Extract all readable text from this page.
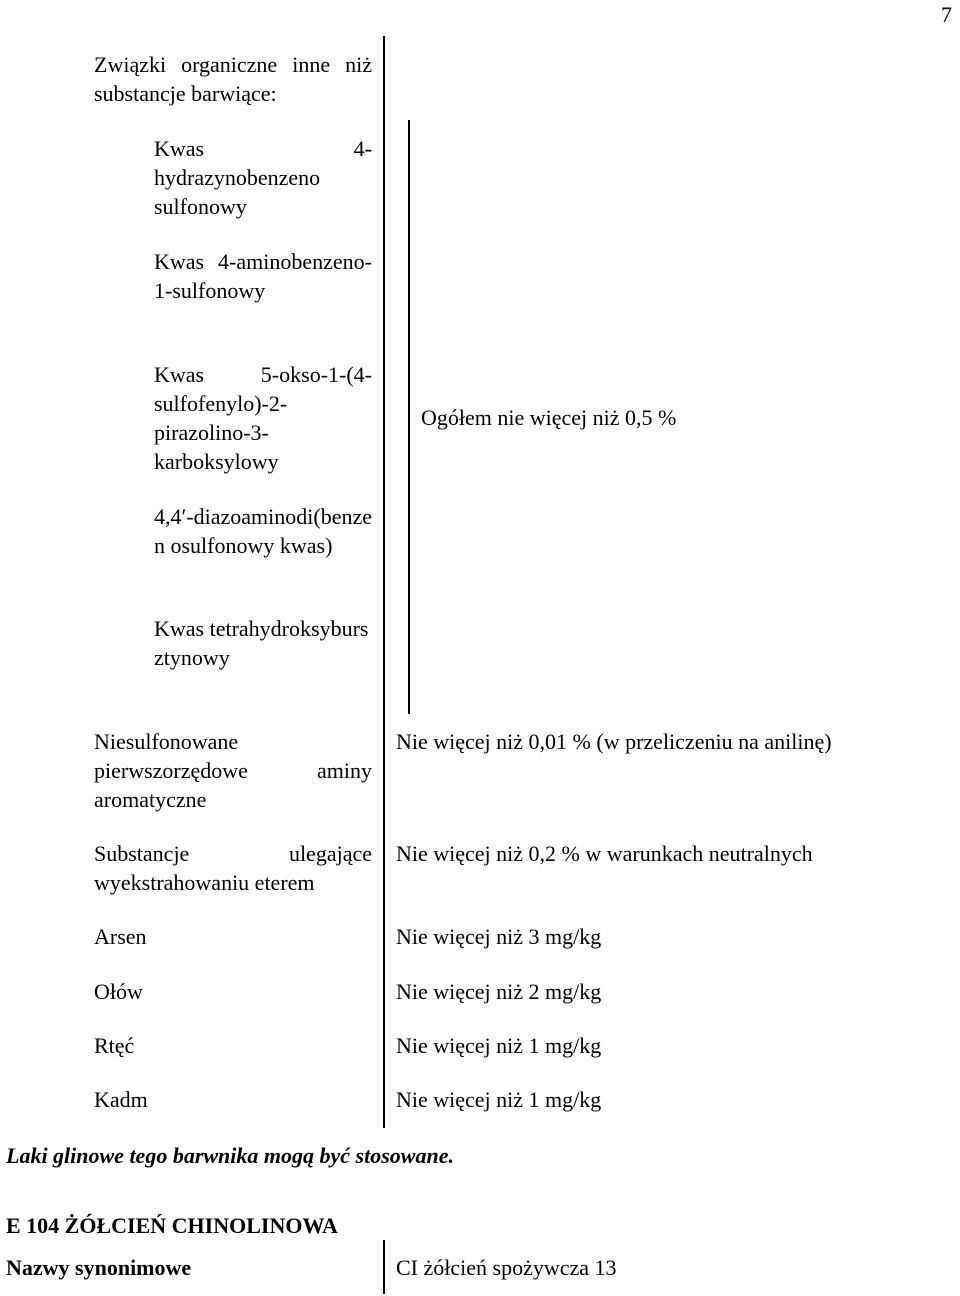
7
Związki organiczne inne niż substancje barwiące:
Kwas 4-hydrazynobenzeno sulfonowy
Kwas 4-aminobenzeno-1-sulfonowy
Kwas 5-okso-1-(4-sulfofenylo)-2-pirazolino-3-karboksylowy
4,4′-diazoaminodi(benzen osulfonowy kwas)
Kwas tetrahydroksybursztynowy
Niesulfonowane pierwszorzędowe aminy aromatyczne
Substancje ulegające wyekstrahowaniu eterem
Arsen
Ołów
Rtęć
Kadm
Ogółem nie więcej niż 0,5 %
Nie więcej niż 0,01 % (w przeliczeniu na anilinę)
Nie więcej niż 0,2 % w warunkach neutralnych
Nie więcej niż 3 mg/kg
Nie więcej niż 2 mg/kg
Nie więcej niż 1 mg/kg
Nie więcej niż 1 mg/kg
Laki glinowe tego barwnika mogą być stosowane.
E 104 ŻÓŁCIEŃ CHINOLINOWA
Nazwy synonimowe	CI żółcień spożywcza 13
